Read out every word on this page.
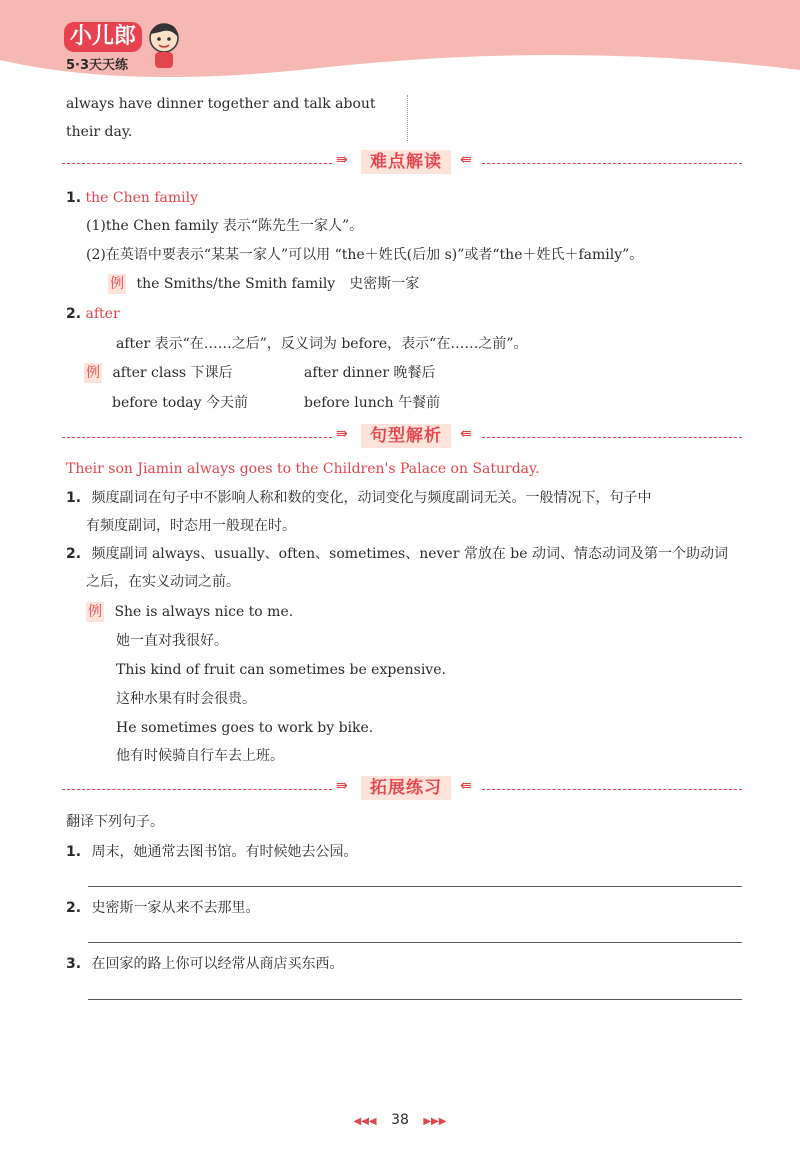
小儿郎
5·3天天练
always have dinner together and talk about
their day.
⇛	难点解读	⇚
1. the Chen family
(1)the Chen family 表示“陈先生一家人”。
(2)在英语中要表示“某某一家人”可以用 “the＋姓氏(后加 s)”或者“the＋姓氏＋family”。
例 the Smiths/the Smith family　史密斯一家
2. after
after 表示“在……之后”，反义词为 before，表示“在……之前”。
例 after class 下课后	after dinner 晚餐后
before today 今天前	before lunch 午餐前
⇛	句型解析	⇚
Their son Jiamin always goes to the Children's Palace on Saturday.
1. 频度副词在句子中不影响人称和数的变化，动词变化与频度副词无关。一般情况下，句子中
有频度副词，时态用一般现在时。
2. 频度副词 always、usually、often、sometimes、never 常放在 be 动词、情态动词及第一个助动词
之后，在实义动词之前。
例 She is always nice to me.
她一直对我很好。
This kind of fruit can sometimes be expensive.
这种水果有时会很贵。
He sometimes goes to work by bike.
他有时候骑自行车去上班。
⇛	拓展练习	⇚
翻译下列句子。
1. 周末，她通常去图书馆。有时候她去公园。
2. 史密斯一家从来不去那里。
3. 在回家的路上你可以经常从商店买东西。
◀◀◀ 38 ▶▶▶
